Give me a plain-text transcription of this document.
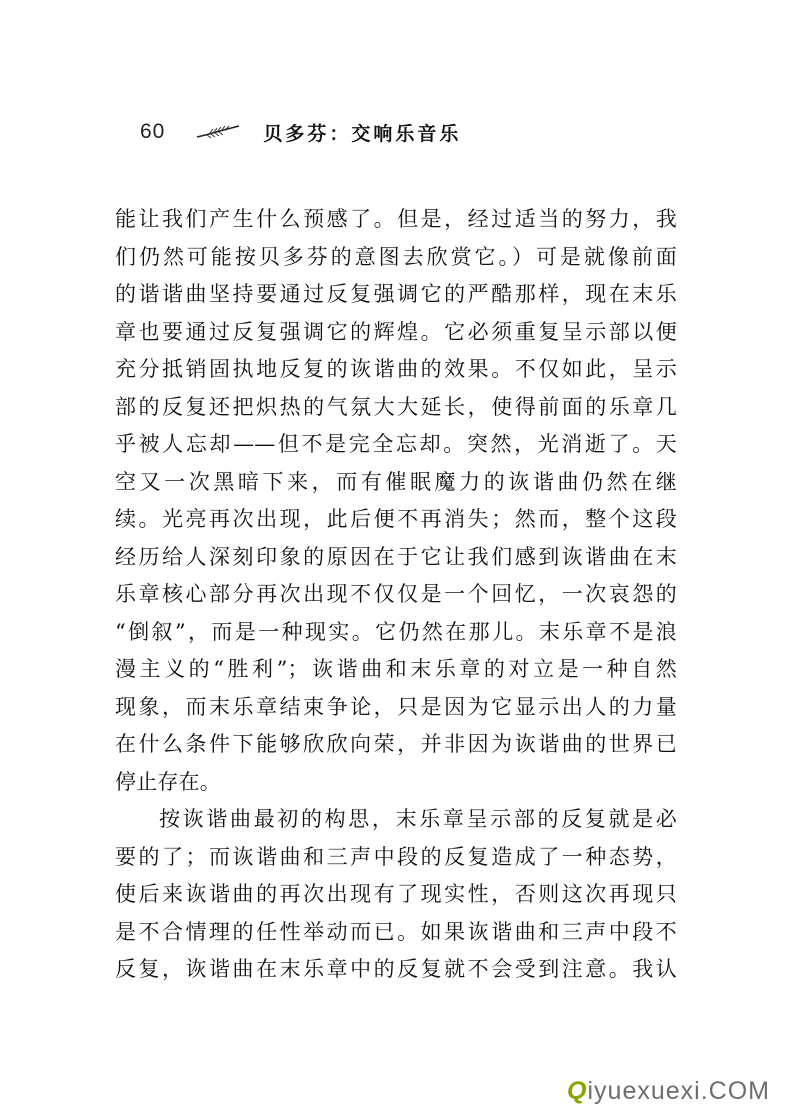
60	贝多芬：交响乐音乐
能让我们产生什么预感了。但是，经过适当的努力，我
们仍然可能按贝多芬的意图去欣赏它。）可是就像前面
的谐谐曲坚持要通过反复强调它的严酷那样，现在末乐
章也要通过反复强调它的辉煌。它必须重复呈示部以便
充分抵销固执地反复的诙谐曲的效果。不仅如此，呈示
部的反复还把炽热的气氛大大延长，使得前面的乐章几
乎被人忘却——但不是完全忘却。突然，光消逝了。天
空又一次黑暗下来，而有催眠魔力的诙谐曲仍然在继
续。光亮再次出现，此后便不再消失；然而，整个这段
经历给人深刻印象的原因在于它让我们感到诙谐曲在末
乐章核心部分再次出现不仅仅是一个回忆，一次哀怨的
“倒叙”，而是一种现实。它仍然在那儿。末乐章不是浪
漫主义的“胜利”；诙谐曲和末乐章的对立是一种自然
现象，而末乐章结束争论，只是因为它显示出人的力量
在什么条件下能够欣欣向荣，并非因为诙谐曲的世界已
停止存在。
按诙谐曲最初的构思，末乐章呈示部的反复就是必
要的了；而诙谐曲和三声中段的反复造成了一种态势，
使后来诙谐曲的再次出现有了现实性，否则这次再现只
是不合情理的任性举动而已。如果诙谐曲和三声中段不
反复，诙谐曲在末乐章中的反复就不会受到注意。我认
Q iyuexuexi.COM
